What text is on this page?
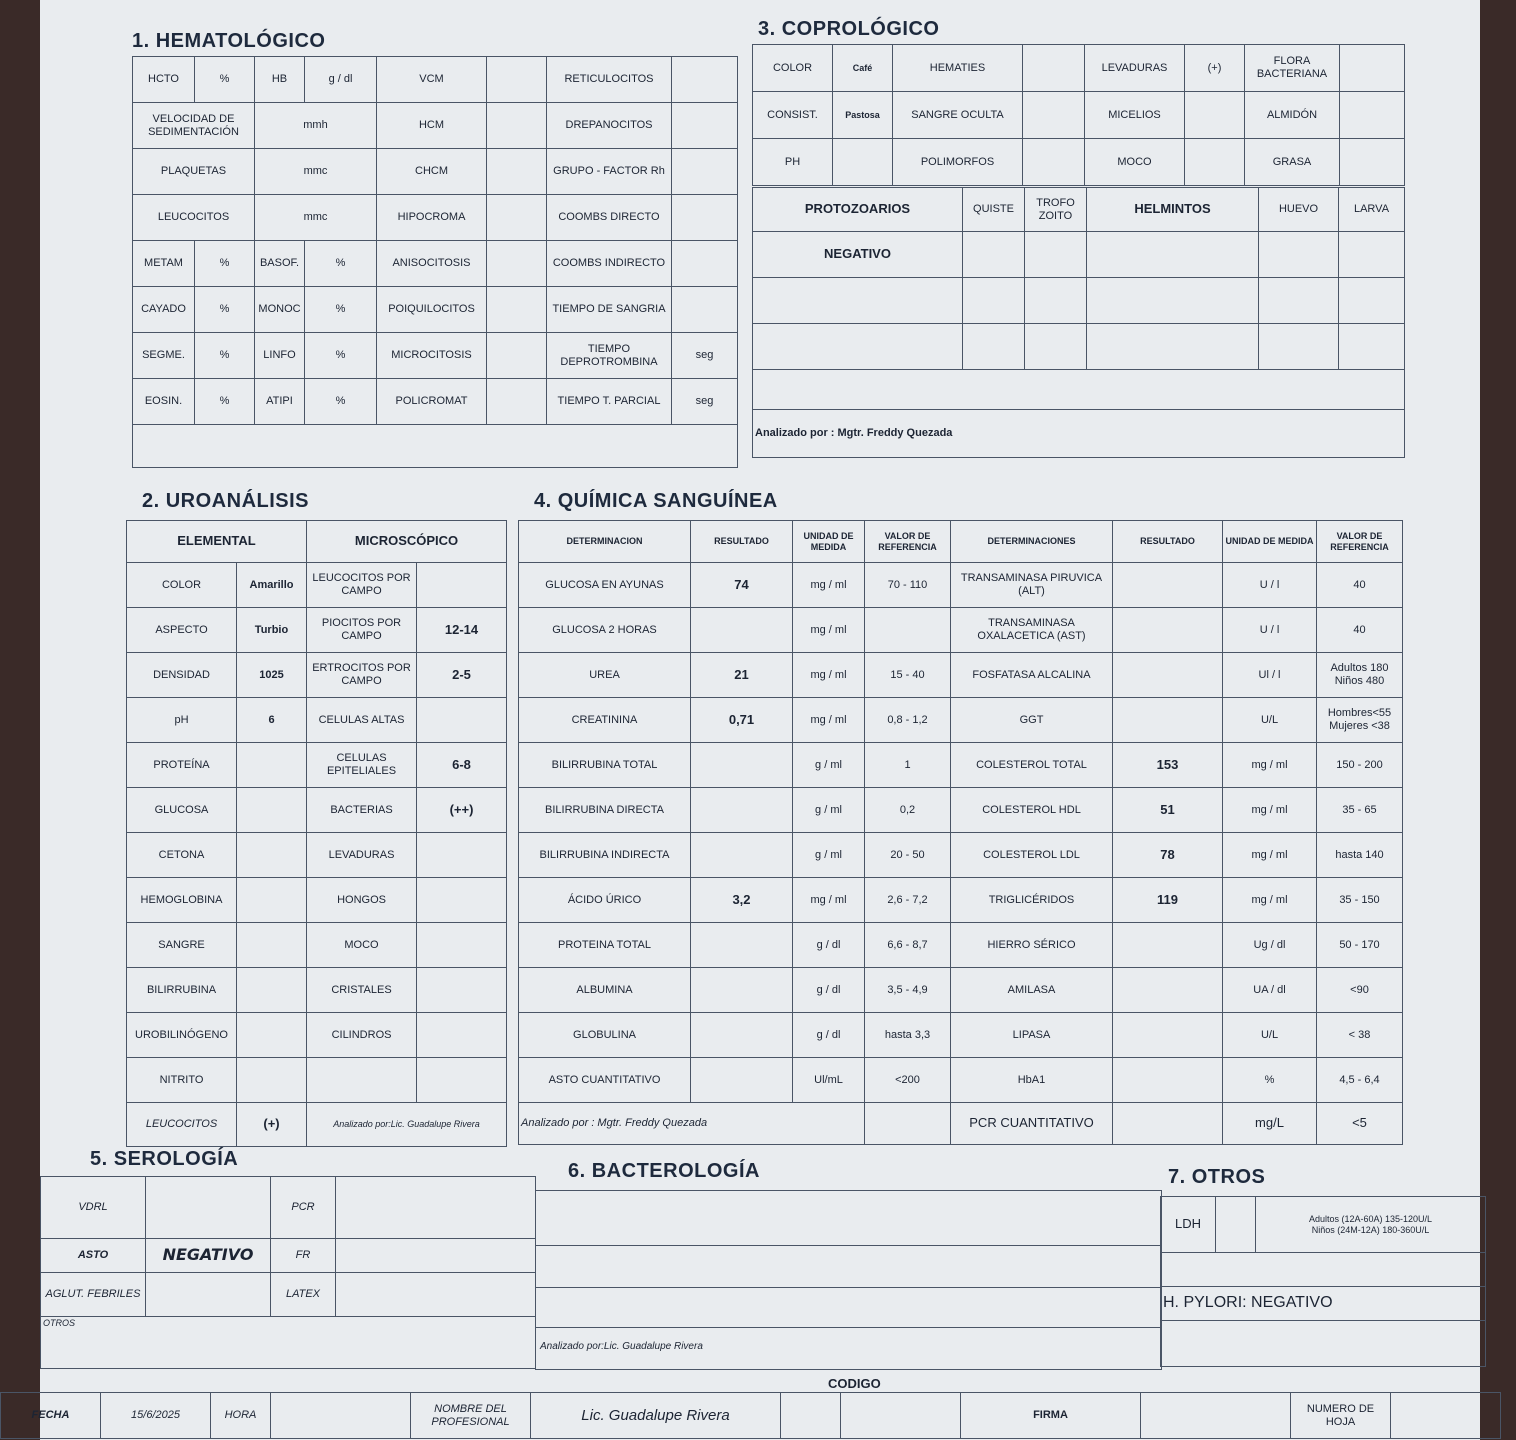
1. HEMATOLÓGICO
HCTO	%	HB	g / dl	VCM		RETICULOCITOS	
VELOCIDAD DE SEDIMENTACIÓN		mmh		HCM		DREPANOCITOS	
PLAQUETAS		mmc		CHCM		GRUPO - FACTOR Rh	
LEUCOCITOS		mmc		HIPOCROMA		COOMBS DIRECTO	
METAM	%	BASOF.	%	ANISOCITOSIS		COOMBS INDIRECTO	
CAYADO	%	MONOC	%	POIQUILOCITOS		TIEMPO DE SANGRIA	
SEGME.	%	LINFO	%	MICROCITOSIS		TIEMPO DEPROTROMBINA	seg
EOSIN.	%	ATIPI	%	POLICROMAT		TIEMPO T. PARCIAL	seg

3. COPROLÓGICO
COLOR	Café	HEMATIES		LEVADURAS	(+)	FLORA BACTERIANA	
CONSIST.	Pastosa	SANGRE OCULTA		MICELIOS		ALMIDÓN	
PH		POLIMORFOS		MOCO		GRASA	
PROTOZOARIOS	QUISTE	TROFO ZOITO	HELMINTOS	HUEVO	LARVA
NEGATIVO					

Analizado por : Mgtr. Freddy Quezada					
2. UROANÁLISIS
ELEMENTAL		MICROSCÓPICO	
COLOR	Amarillo	LEUCOCITOS POR CAMPO	
ASPECTO	Turbio	PIOCITOS POR CAMPO	12-14
DENSIDAD	1025	ERTROCITOS POR CAMPO	2-5
pH	6	CELULAS ALTAS	
PROTEÍNA		CELULAS EPITELIALES	6-8
GLUCOSA		BACTERIAS	(++)
CETONA		LEVADURAS	
HEMOGLOBINA		HONGOS	
SANGRE		MOCO	
BILIRRUBINA		CRISTALES	
UROBILINÓGENO		CILINDROS	
NITRITO			
LEUCOCITOS	(+)	Analizado por:Lic. Guadalupe Rivera	
4. QUÍMICA SANGUÍNEA
DETERMINACION	RESULTADO	UNIDAD DE MEDIDA	VALOR DE REFERENCIA	DETERMINACIONES	RESULTADO	UNIDAD DE MEDIDA	VALOR DE REFERENCIA
GLUCOSA EN AYUNAS	74	mg / ml	70 - 110	TRANSAMINASA PIRUVICA (ALT)		U / l	40
GLUCOSA 2 HORAS		mg / ml		TRANSAMINASA OXALACETICA (AST)		U / l	40
UREA	21	mg / ml	15 - 40	FOSFATASA ALCALINA		Ul / l	Adultos 180 Niños 480
CREATININA	0,71	mg / ml	0,8 - 1,2	GGT		U/L	Hombres<55 Mujeres <38
BILIRRUBINA TOTAL		g / ml	1	COLESTEROL TOTAL	153	mg / ml	150 - 200
BILIRRUBINA DIRECTA		g / ml	0,2	COLESTEROL HDL	51	mg / ml	35 - 65
BILIRRUBINA INDIRECTA		g / ml	20 - 50	COLESTEROL LDL	78	mg / ml	hasta 140
ÁCIDO ÚRICO	3,2	mg / ml	2,6 - 7,2	TRIGLICÉRIDOS	119	mg / ml	35 - 150
PROTEINA TOTAL		g / dl	6,6 - 8,7	HIERRO SÉRICO		Ug / dl	50 - 170
ALBUMINA		g / dl	3,5 - 4,9	AMILASA		UA / dl	<90
GLOBULINA		g / dl	hasta 3,3	LIPASA		U/L	< 38
ASTO CUANTITATIVO		Ul/mL	<200	HbA1		%	4,5 - 6,4
Analizado por : Mgtr. Freddy Quezada				PCR CUANTITATIVO		mg/L	<5
5. SEROLOGÍA
VDRL		PCR	
ASTO	NEGATIVO	FR	
AGLUT. FEBRILES		LATEX	
OTROS			
6. BACTEROLOGÍA
Analizado por:Lic. Guadalupe Rivera
7. OTROS
LDH		Adultos (12A-60A) 135-120U/L
Niños (24M-12A) 180-360U/L

H. PYLORI: NEGATIVO

CODIGO
FECHA	15/6/2025	HORA		NOMBRE DEL PROFESIONAL	Lic. Guadalupe Rivera			FIRMA		NUMERO DE HOJA	
